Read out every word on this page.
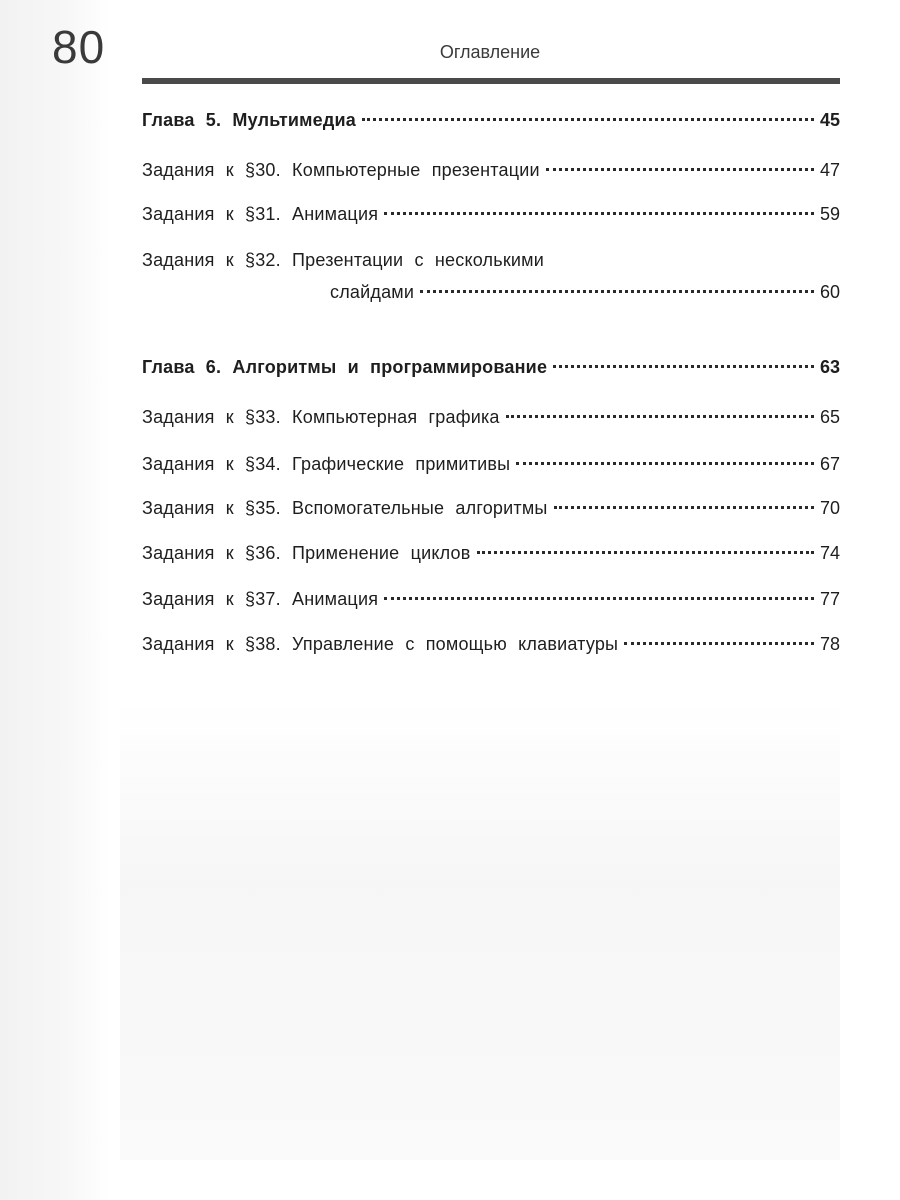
80	Оглавление
Глава 5. Мультимедиа	45
Задания к §30. Компьютерные презентации	47
Задания к §31. Анимация	59
Задания к §32. Презентации с несколькими
слайдами	60
Глава 6. Алгоритмы и программирование	63
Задания к §33. Компьютерная графика	65
Задания к §34. Графические примитивы	67
Задания к §35. Вспомогательные алгоритмы	70
Задания к §36. Применение циклов	74
Задания к §37. Анимация	77
Задания к §38. Управление с помощью клавиатуры	78
